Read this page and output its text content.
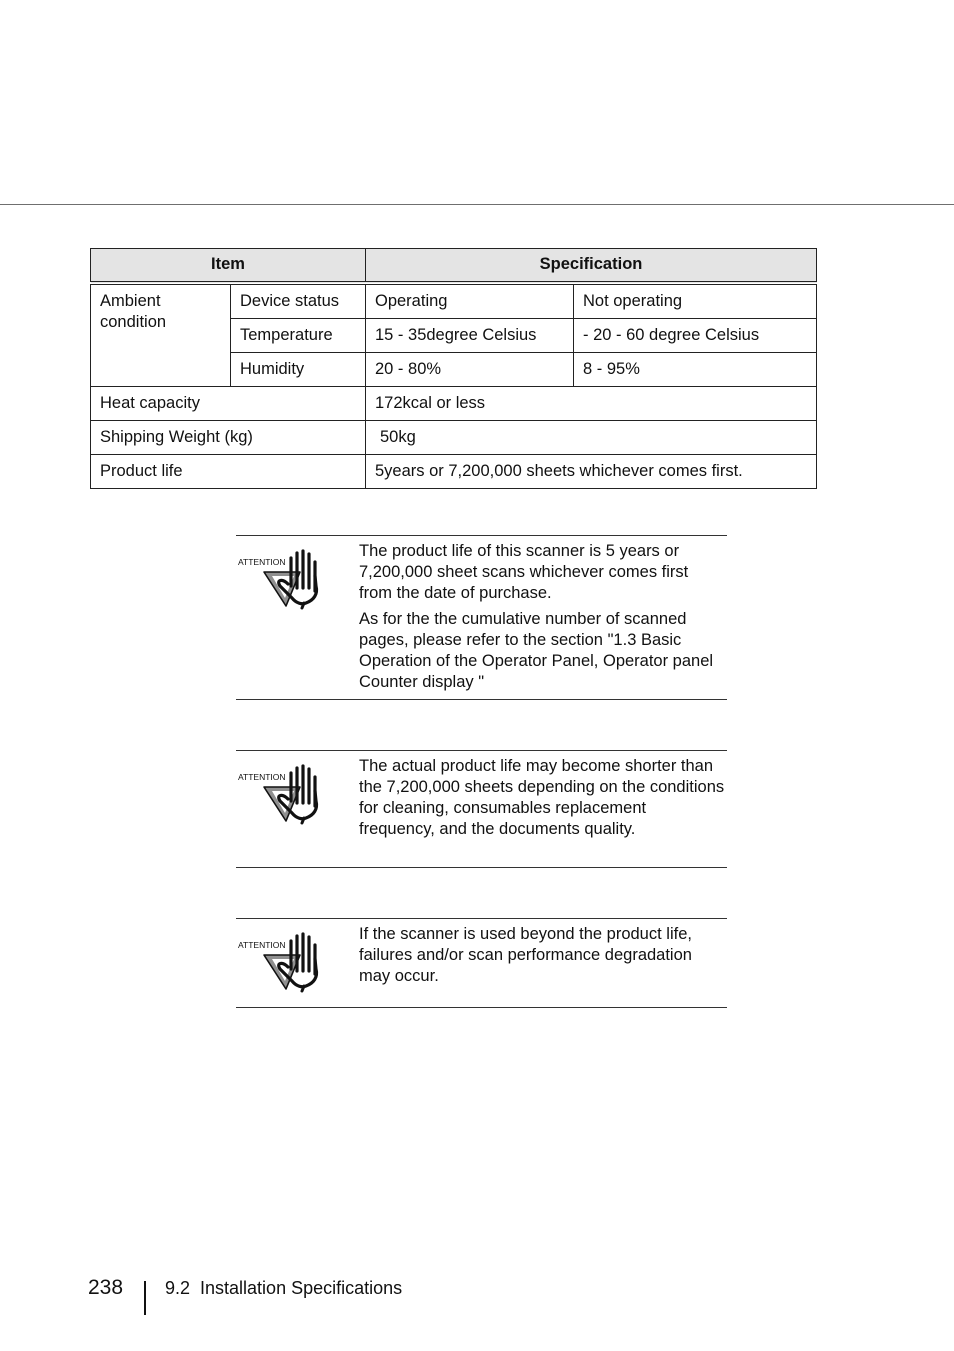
Item		Specification	
Ambient condition	Device status	Operating	Not operating
	Temperature	15 - 35degree Celsius	- 20 - 60 degree Celsius
	Humidity	20 - 80%	8 - 95%
Heat capacity		172kcal or less	
Shipping Weight (kg)		50kg	
Product life		5years or 7,200,000 sheets whichever comes first.	
ATTENTION

The product life of this scanner is 5 years or 7,200,000 sheet scans whichever comes first from the date of purchase.

As for the the cumulative number of scanned pages, please refer to the section "1.3 Basic Operation of the Operator Panel, Operator panel Counter display "

ATTENTION

The actual product life may become shorter than the 7,200,000 sheets depending on the conditions for cleaning, consumables replacement frequency, and the documents quality.

ATTENTION

If the scanner is used beyond the product life, failures and/or scan performance degradation may occur.

238 9.2  Installation Specifications
